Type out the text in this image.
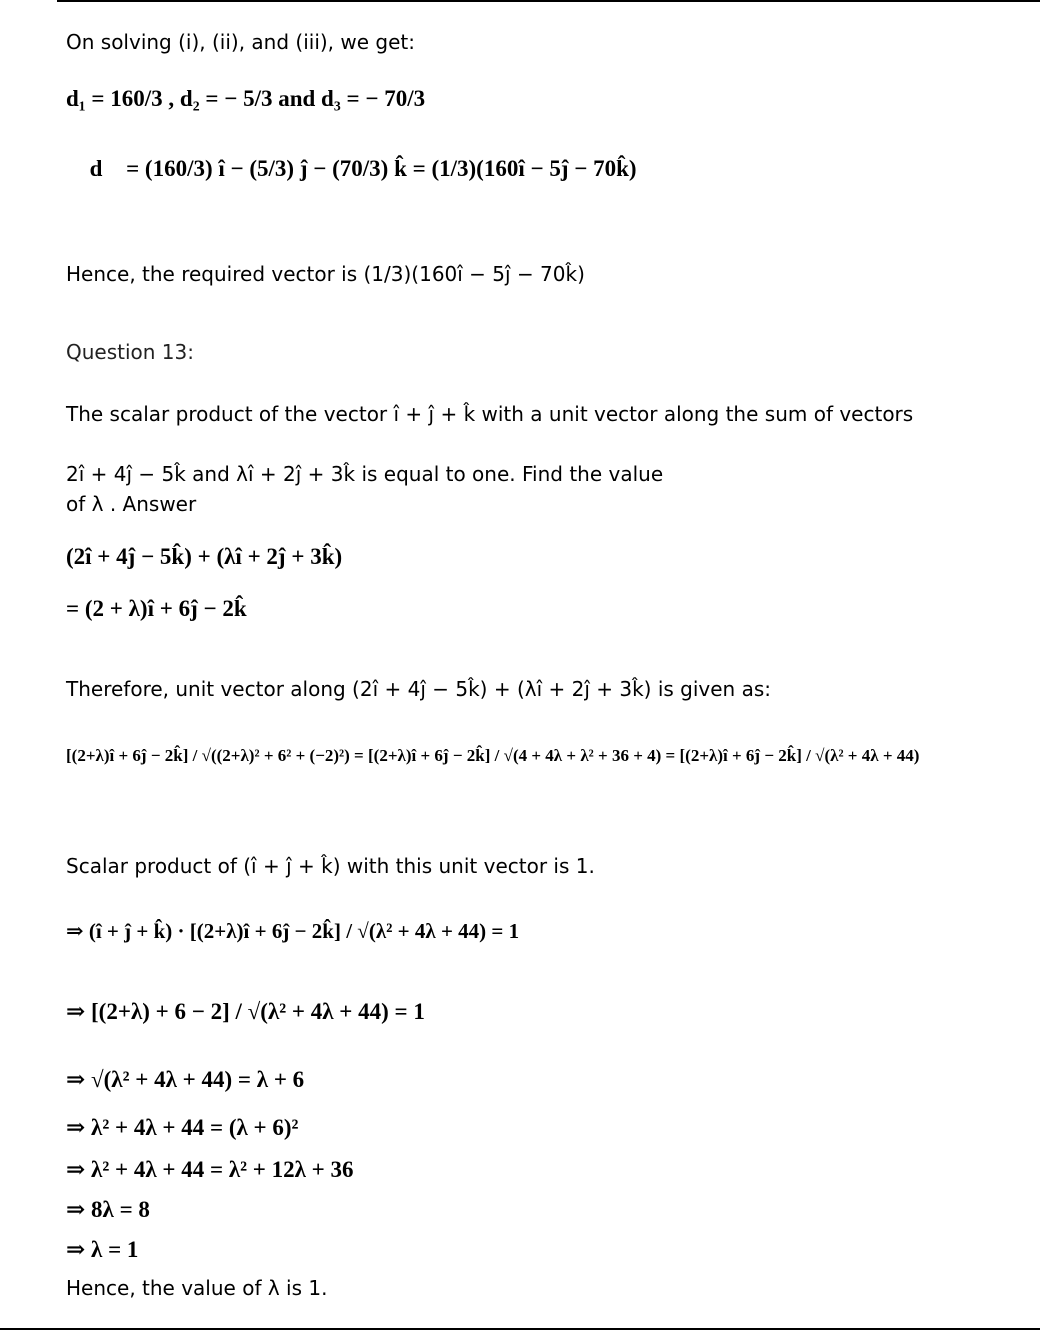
On solving (i), (ii), and (iii), we get:
d₁ = 160/3 , d₂ = − 5/3 and d₃ = − 70/3
∴ d⃗ = (160/3) î − (5/3) ĵ − (70/3) k̂ = (1/3)(160î − 5ĵ − 70k̂)
Hence, the required vector is (1/3)(160î − 5ĵ − 70k̂)
Question 13:
The scalar product of the vector î + ĵ + k̂ with a unit vector along the sum of vectors
2î + 4ĵ − 5k̂ and λî + 2ĵ + 3k̂ is equal to one. Find the value
of λ . Answer
(2î + 4ĵ − 5k̂) + (λî + 2ĵ + 3k̂)
= (2 + λ)î + 6ĵ − 2k̂
Therefore, unit vector along (2î + 4ĵ − 5k̂) + (λî + 2ĵ + 3k̂) is given as:
[(2+λ)î + 6ĵ − 2k̂] / √((2+λ)² + 6² + (−2)²) = [(2+λ)î + 6ĵ − 2k̂] / √(4 + 4λ + λ² + 36 + 4) = [(2+λ)î + 6ĵ − 2k̂] / √(λ² + 4λ + 44)
Scalar product of (î + ĵ + k̂) with this unit vector is 1.
⇒ (î + ĵ + k̂) · [(2+λ)î + 6ĵ − 2k̂] / √(λ² + 4λ + 44) = 1
⇒ [(2+λ) + 6 − 2] / √(λ² + 4λ + 44) = 1
⇒ √(λ² + 4λ + 44) = λ + 6
⇒ λ² + 4λ + 44 = (λ + 6)²
⇒ λ² + 4λ + 44 = λ² + 12λ + 36
⇒ 8λ = 8
⇒ λ = 1
Hence, the value of λ is 1.
